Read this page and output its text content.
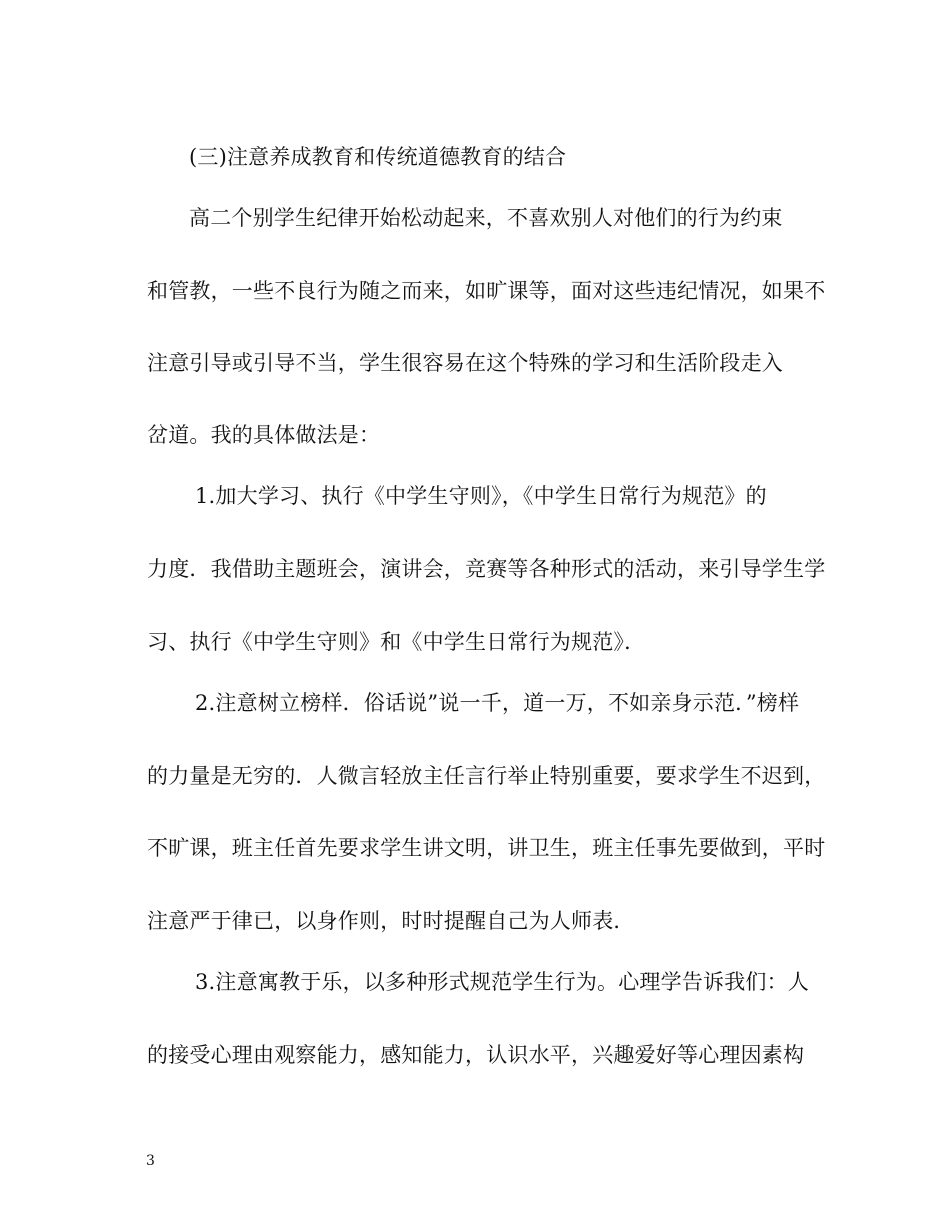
(三)注意养成教育和传统道德教育的结合
高二个别学生纪律开始松动起来，不喜欢别人对他们的行为约束
和管教，一些不良行为随之而来，如旷课等，面对这些违纪情况，如果不
注意引导或引导不当，学生很容易在这个特殊的学习和生活阶段走入
岔道。我的具体做法是：
1.加大学习、执行《中学生守则》，《中学生日常行为规范》的
力度．我借助主题班会，演讲会，竞赛等各种形式的活动，来引导学生学
习、执行《中学生守则》和《中学生日常行为规范》．
2.注意树立榜样．俗话说”说一千，道一万，不如亲身示范．”榜样
的力量是无穷的．人微言轻放主任言行举止特别重要，要求学生不迟到，
不旷课，班主任首先要求学生讲文明，讲卫生，班主任事先要做到，平时
注意严于律已，以身作则，时时提醒自己为人师表．
3.注意寓教于乐，以多种形式规范学生行为。心理学告诉我们：人
的接受心理由观察能力，感知能力，认识水平，兴趣爱好等心理因素构
3
